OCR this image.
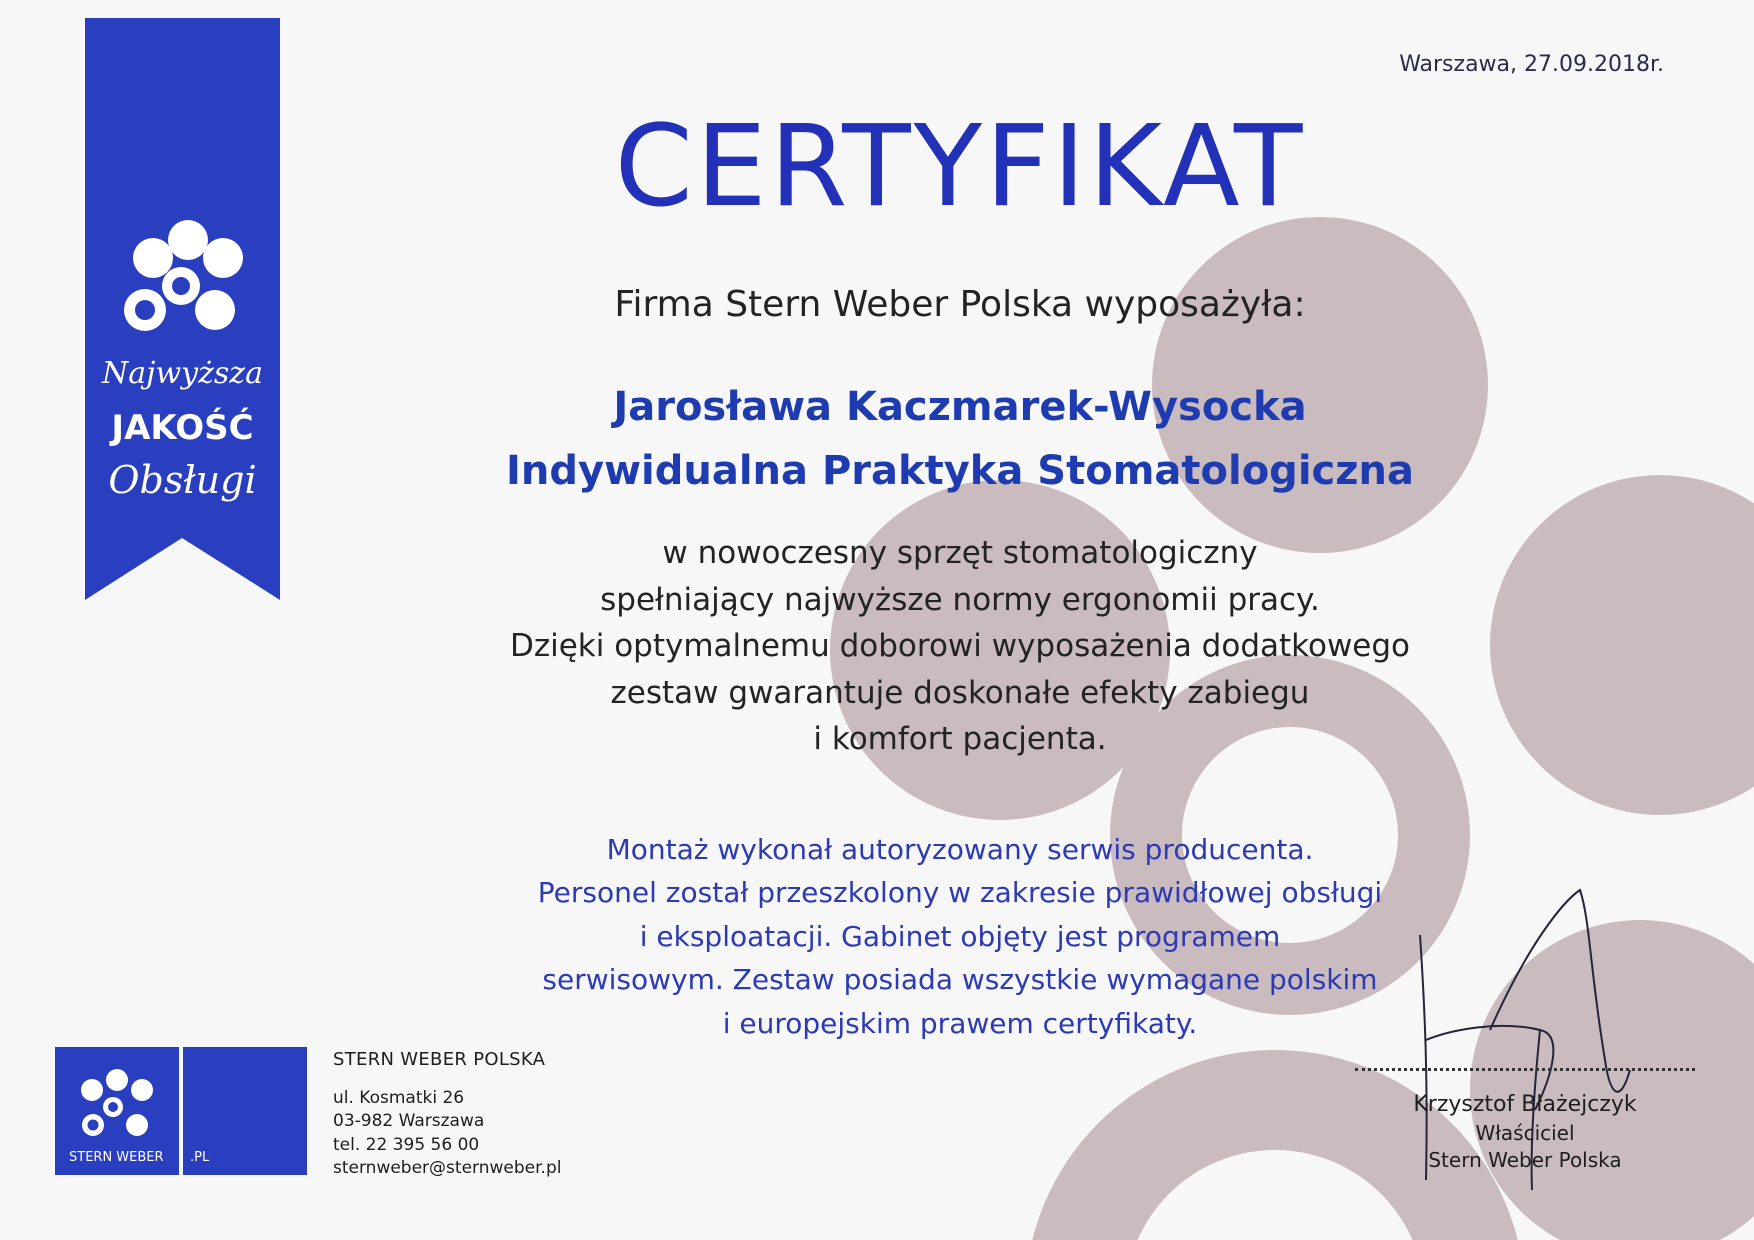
Najwyższa
JAKOŚĆ
Obsługi
Warszawa, 27.09.2018r.
CERTYFIKAT
Firma Stern Weber Polska wyposażyła:
Jarosława Kaczmarek-Wysocka
Indywidualna Praktyka Stomatologiczna
w nowoczesny sprzęt stomatologiczny
spełniający najwyższe normy ergonomii pracy.
Dzięki optymalnemu doborowi wyposażenia dodatkowego
zestaw gwarantuje doskonałe efekty zabiegu
i komfort pacjenta.
Montaż wykonał autoryzowany serwis producenta.
Personel został przeszkolony w zakresie prawidłowej obsługi
i eksploatacji. Gabinet objęty jest programem
serwisowym. Zestaw posiada wszystkie wymagane polskim
i europejskim prawem certyfikaty.
STERN WEBER .PL
STERN WEBER POLSKA
ul. Kosmatki 26
03-982 Warszawa
tel. 22 395 56 00
sternweber@sternweber.pl
Krzysztof Błażejczyk
Właściciel
Stern Weber Polska
